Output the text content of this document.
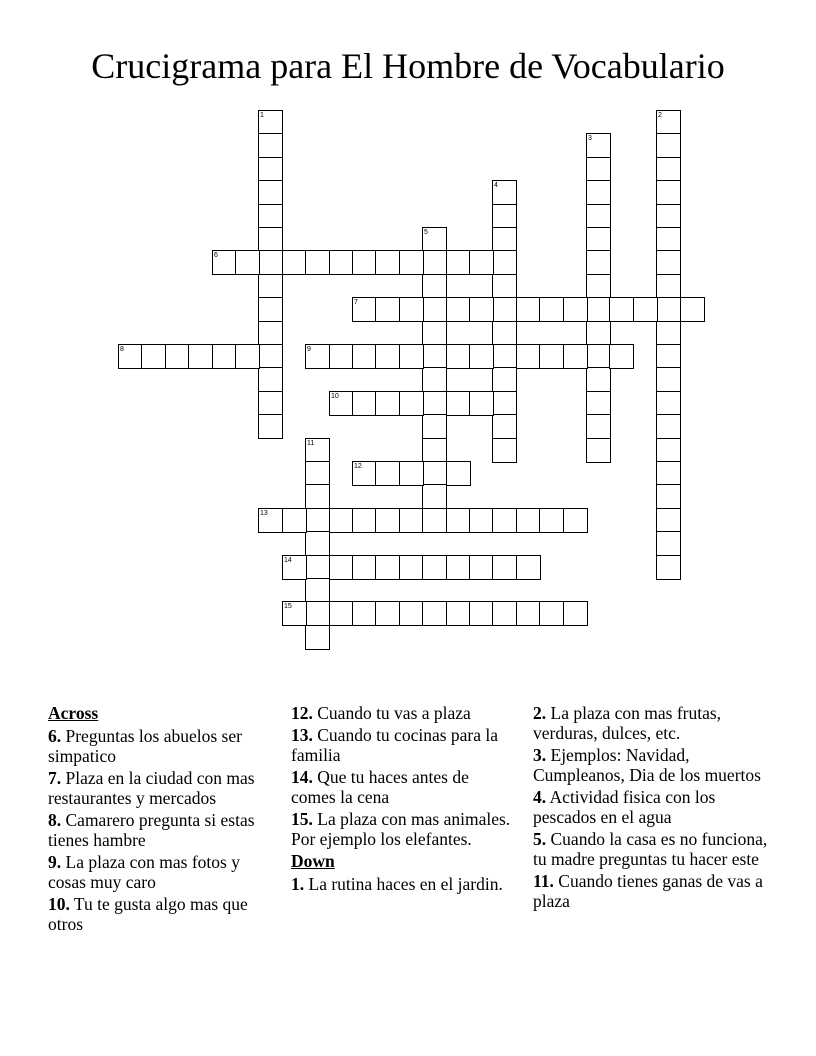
Crucigrama para El Hombre de Vocabulario
1	2
3
4
5
6
7
8	9
10
11
12
13
14
15
Across
6. Preguntas los abuelos ser simpatico
7. Plaza en la ciudad con mas restaurantes y mercados
8. Camarero pregunta si estas tienes hambre
9. La plaza con mas fotos y cosas muy caro
10. Tu te gusta algo mas que otros
12. Cuando tu vas a plaza
13. Cuando tu cocinas para la familia
14. Que tu haces antes de comes la cena
15. La plaza con mas animales. Por ejemplo los elefantes.
Down
1. La rutina haces en el jardin.
2. La plaza con mas frutas, verduras, dulces, etc.
3. Ejemplos: Navidad, Cumpleanos, Dia de los muertos
4. Actividad fisica con los pescados en el agua
5. Cuando la casa es no funciona, tu madre preguntas tu hacer este
11. Cuando tienes ganas de vas a plaza
